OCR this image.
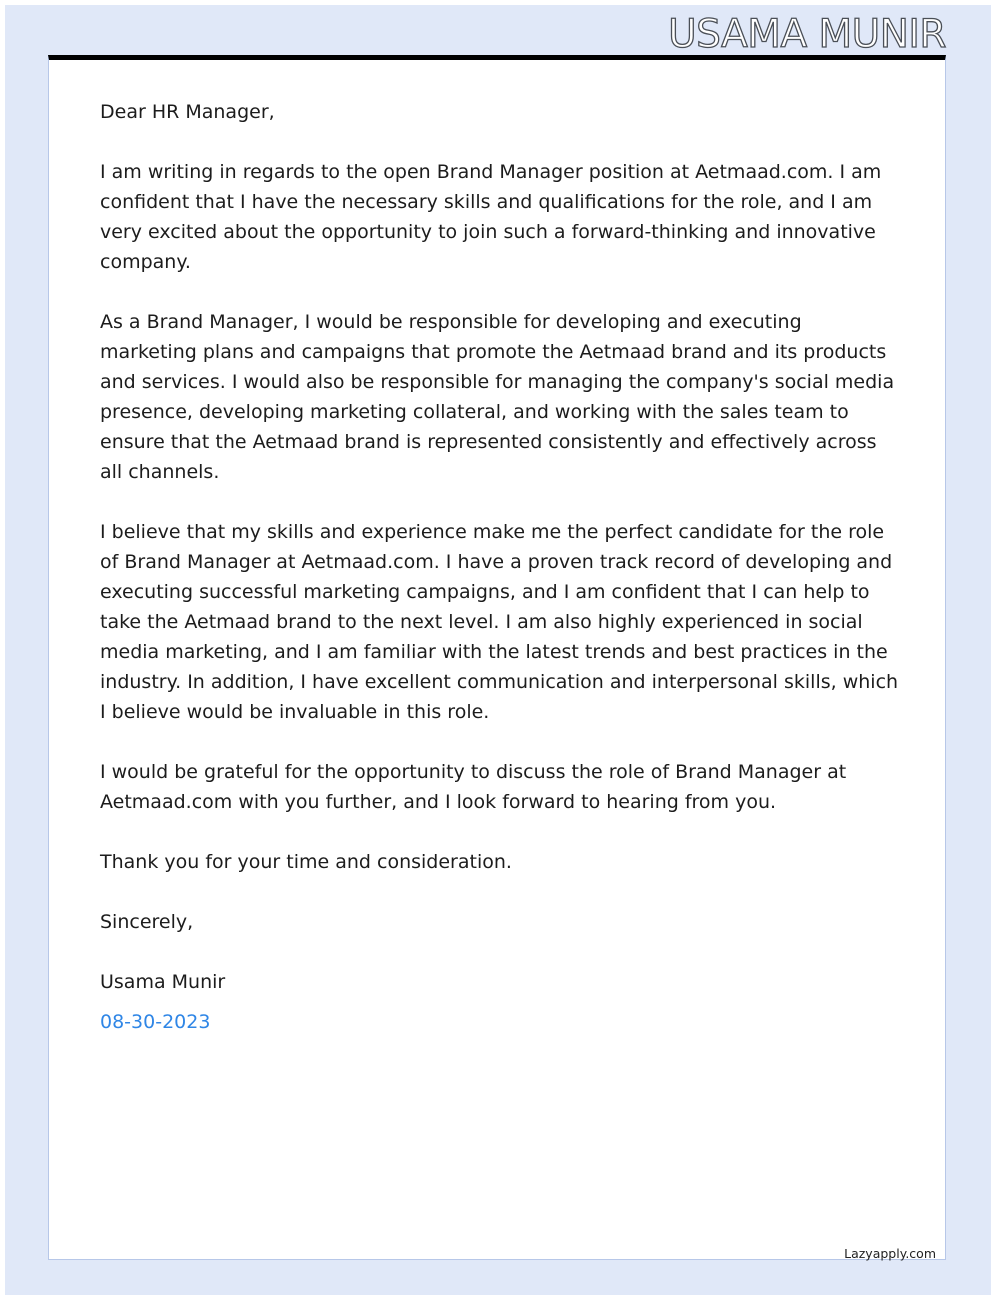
USAMA MUNIR

Dear HR Manager,

I am writing in regards to the open Brand Manager position at Aetmaad.com. I am confident that I have the necessary skills and qualifications for the role, and I am very excited about the opportunity to join such a forward-thinking and innovative company.

As a Brand Manager, I would be responsible for developing and executing marketing plans and campaigns that promote the Aetmaad brand and its products and services. I would also be responsible for managing the company's social media presence, developing marketing collateral, and working with the sales team to ensure that the Aetmaad brand is represented consistently and effectively across all channels.

I believe that my skills and experience make me the perfect candidate for the role of Brand Manager at Aetmaad.com. I have a proven track record of developing and executing successful marketing campaigns, and I am confident that I can help to take the Aetmaad brand to the next level. I am also highly experienced in social media marketing, and I am familiar with the latest trends and best practices in the industry. In addition, I have excellent communication and interpersonal skills, which I believe would be invaluable in this role.

I would be grateful for the opportunity to discuss the role of Brand Manager at Aetmaad.com with you further, and I look forward to hearing from you.

Thank you for your time and consideration.

Sincerely,

Usama Munir

08-30-2023

Lazyapply.com
